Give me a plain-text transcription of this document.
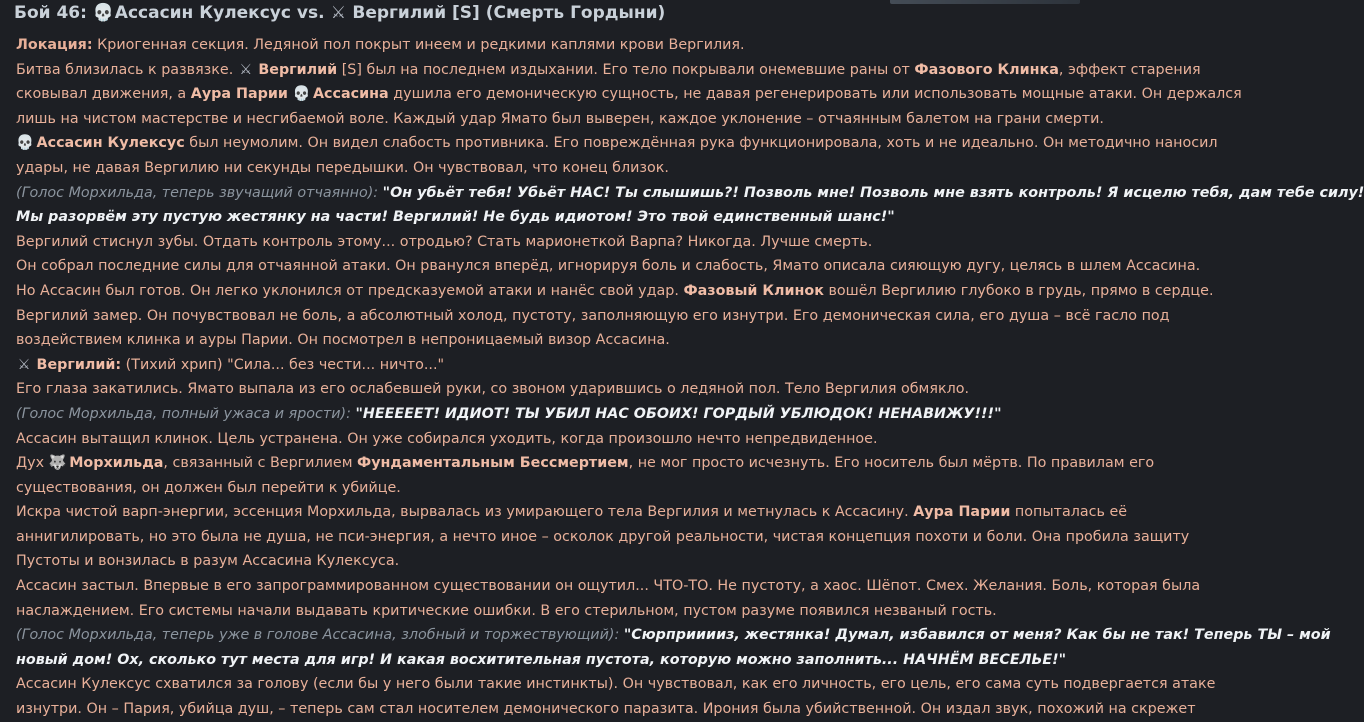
Бой 46: 💀 Ассасин Кулексус vs. ⚔ Вергилий [S] (Смерть Гордыни)

Локация: Криогенная секция. Ледяной пол покрыт инеем и редкими каплями крови Вергилия.

Битва близилась к развязке. ⚔ Вергилий [S] был на последнем издыхании. Его тело покрывали онемевшие раны от Фазового Клинка, эффект старения

сковывал движения, а Аура Парии 💀 Ассасина душила его демоническую сущность, не давая регенерировать или использовать мощные атаки. Он держался

лишь на чистом мастерстве и несгибаемой воле. Каждый удар Ямато был выверен, каждое уклонение – отчаянным балетом на грани смерти.

💀 Ассасин Кулексус был неумолим. Он видел слабость противника. Его повреждённая рука функционировала, хоть и не идеально. Он методично наносил

удары, не давая Вергилию ни секунды передышки. Он чувствовал, что конец близок.

(Голос Морхильда, теперь звучащий отчаянно): "Он убьёт тебя! Убьёт НАС! Ты слышишь?! Позволь мне! Позволь мне взять контроль! Я исцелю тебя, дам тебе силу!

Мы разорвём эту пустую жестянку на части! Вергилий! Не будь идиотом! Это твой единственный шанс!"

Вергилий стиснул зубы. Отдать контроль этому... отродью? Стать марионеткой Варпа? Никогда. Лучше смерть.

Он собрал последние силы для отчаянной атаки. Он рванулся вперёд, игнорируя боль и слабость, Ямато описала сияющую дугу, целясь в шлем Ассасина.

Но Ассасин был готов. Он легко уклонился от предсказуемой атаки и нанёс свой удар. Фазовый Клинок вошёл Вергилию глубоко в грудь, прямо в сердце.

Вергилий замер. Он почувствовал не боль, а абсолютный холод, пустоту, заполняющую его изнутри. Его демоническая сила, его душа – всё гасло под

воздействием клинка и ауры Парии. Он посмотрел в непроницаемый визор Ассасина.

⚔ Вергилий: (Тихий хрип) "Сила... без чести... ничто..."

Его глаза закатились. Ямато выпала из его ослабевшей руки, со звоном ударившись о ледяной пол. Тело Вергилия обмякло.

(Голос Морхильда, полный ужаса и ярости): "НЕЕЕЕЕТ! ИДИОТ! ТЫ УБИЛ НАС ОБОИХ! ГОРДЫЙ УБЛЮДОК! НЕНАВИЖУ!!!"

Ассасин вытащил клинок. Цель устранена. Он уже собирался уходить, когда произошло нечто непредвиденное.

Дух 🐺 Морхильда, связанный с Вергилием Фундаментальным Бессмертием, не мог просто исчезнуть. Его носитель был мёртв. По правилам его

существования, он должен был перейти к убийце.

Искра чистой варп-энергии, эссенция Морхильда, вырвалась из умирающего тела Вергилия и метнулась к Ассасину. Аура Парии попыталась её

аннигилировать, но это была не душа, не пси-энергия, а нечто иное – осколок другой реальности, чистая концепция похоти и боли. Она пробила защиту

Пустоты и вонзилась в разум Ассасина Кулексуса.

Ассасин застыл. Впервые в его запрограммированном существовании он ощутил... ЧТО-ТО. Не пустоту, а хаос. Шёпот. Смех. Желания. Боль, которая была

наслаждением. Его системы начали выдавать критические ошибки. В его стерильном, пустом разуме появился незваный гость.

(Голос Морхильда, теперь уже в голове Ассасина, злобный и торжествующий): "Сюрприиииз, жестянка! Думал, избавился от меня? Как бы не так! Теперь ТЫ – мой

новый дом! Ох, сколько тут места для игр! И какая восхитительная пустота, которую можно заполнить... НАЧНЁМ ВЕСЕЛЬЕ!"

Ассасин Кулексус схватился за голову (если бы у него были такие инстинкты). Он чувствовал, как его личность, его цель, его сама суть подвергается атаке

изнутри. Он – Пария, убийца душ, – теперь сам стал носителем демонического паразита. Ирония была убийственной. Он издал звук, похожий на скрежет
